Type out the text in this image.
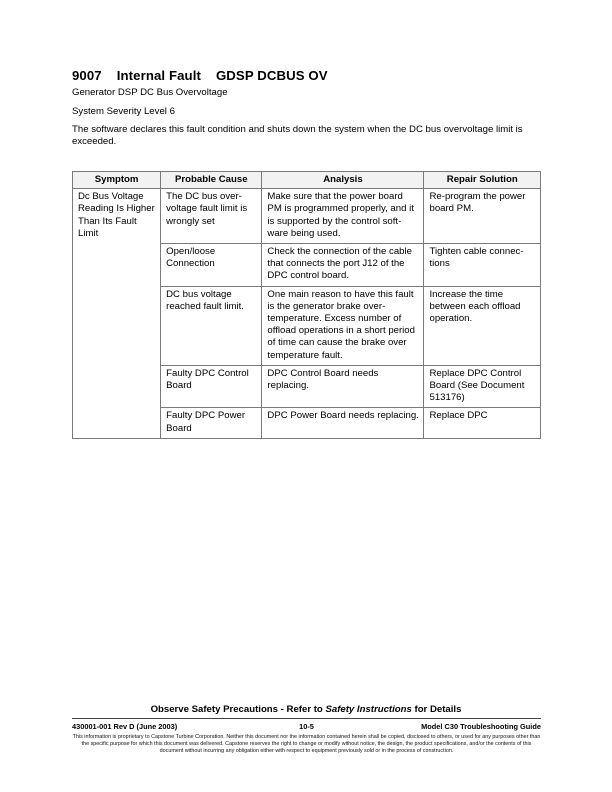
9007 Internal Fault GDSP DCBUS OV
Generator DSP DC Bus Overvoltage
System Severity Level 6
The software declares this fault condition and shuts down the system when the DC bus overvoltage limit is exceeded.
Symptom	Probable Cause	Analysis	Repair Solution
Dc Bus Voltage Reading Is Higher Than Its Fault Limit	The DC bus over-voltage fault limit is wrongly set	Make sure that the power board PM is programmed properly, and it is supported by the control soft-ware being used.	Re-program the power board PM.
	Open/loose Connection	Check the connection of the cable that connects the port J12 of the DPC control board.	Tighten cable connec-tions
	DC bus voltage reached fault limit.	One main reason to have this fault is the generator brake over-temperature. Excess number of offload operations in a short period of time can cause the brake over temperature fault.	Increase the time between each offload operation.
	Faulty DPC Control Board	DPC Control Board needs replacing.	Replace DPC Control Board (See Document 513176)
	Faulty DPC Power Board	DPC Power Board needs replacing.	Replace DPC
Observe Safety Precautions - Refer to Safety Instructions for Details
430001-001 Rev D (June 2003)	10-5	Model C30 Troubleshooting Guide
This information is proprietary to Capstone Turbine Corporation. Neither this document nor the information contained herein shall be copied, disclosed to others, or used for any purposes other than the specific purpose for which this document was delivered. Capstone reserves the right to change or modify without notice, the design, the product specifications, and/or the contents of this document without incurring any obligation either with respect to equipment previously sold or in the process of construction.
